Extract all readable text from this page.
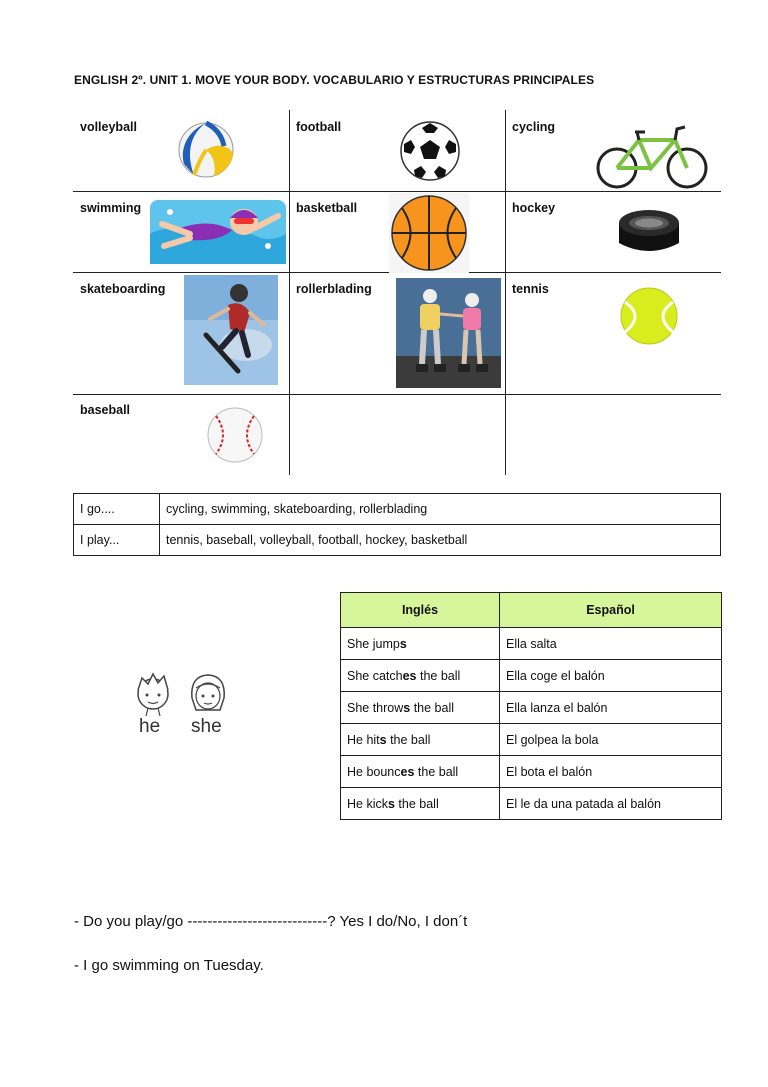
ENGLISH 2º. UNIT 1. MOVE YOUR BODY. VOCABULARIO Y ESTRUCTURAS PRINCIPALES
volleyball	football	cycling
swimming	basketball	hockey
skateboarding	rollerblading	tennis
baseball
I go....	cycling, swimming, skateboarding, rollerblading
I play...	tennis, baseball, volleyball, football, hockey, basketball
he she
Inglés	Español
She jumps	Ella salta
She catches the ball	Ella coge el balón
She throws the ball	Ella lanza el balón
He hits the ball	El golpea la bola
He bounces the ball	El bota el balón
He kicks the ball	El le da una patada al balón
- Do you play/go ----------------------------? Yes I do/No, I don´t
- I go swimming on Tuesday.
